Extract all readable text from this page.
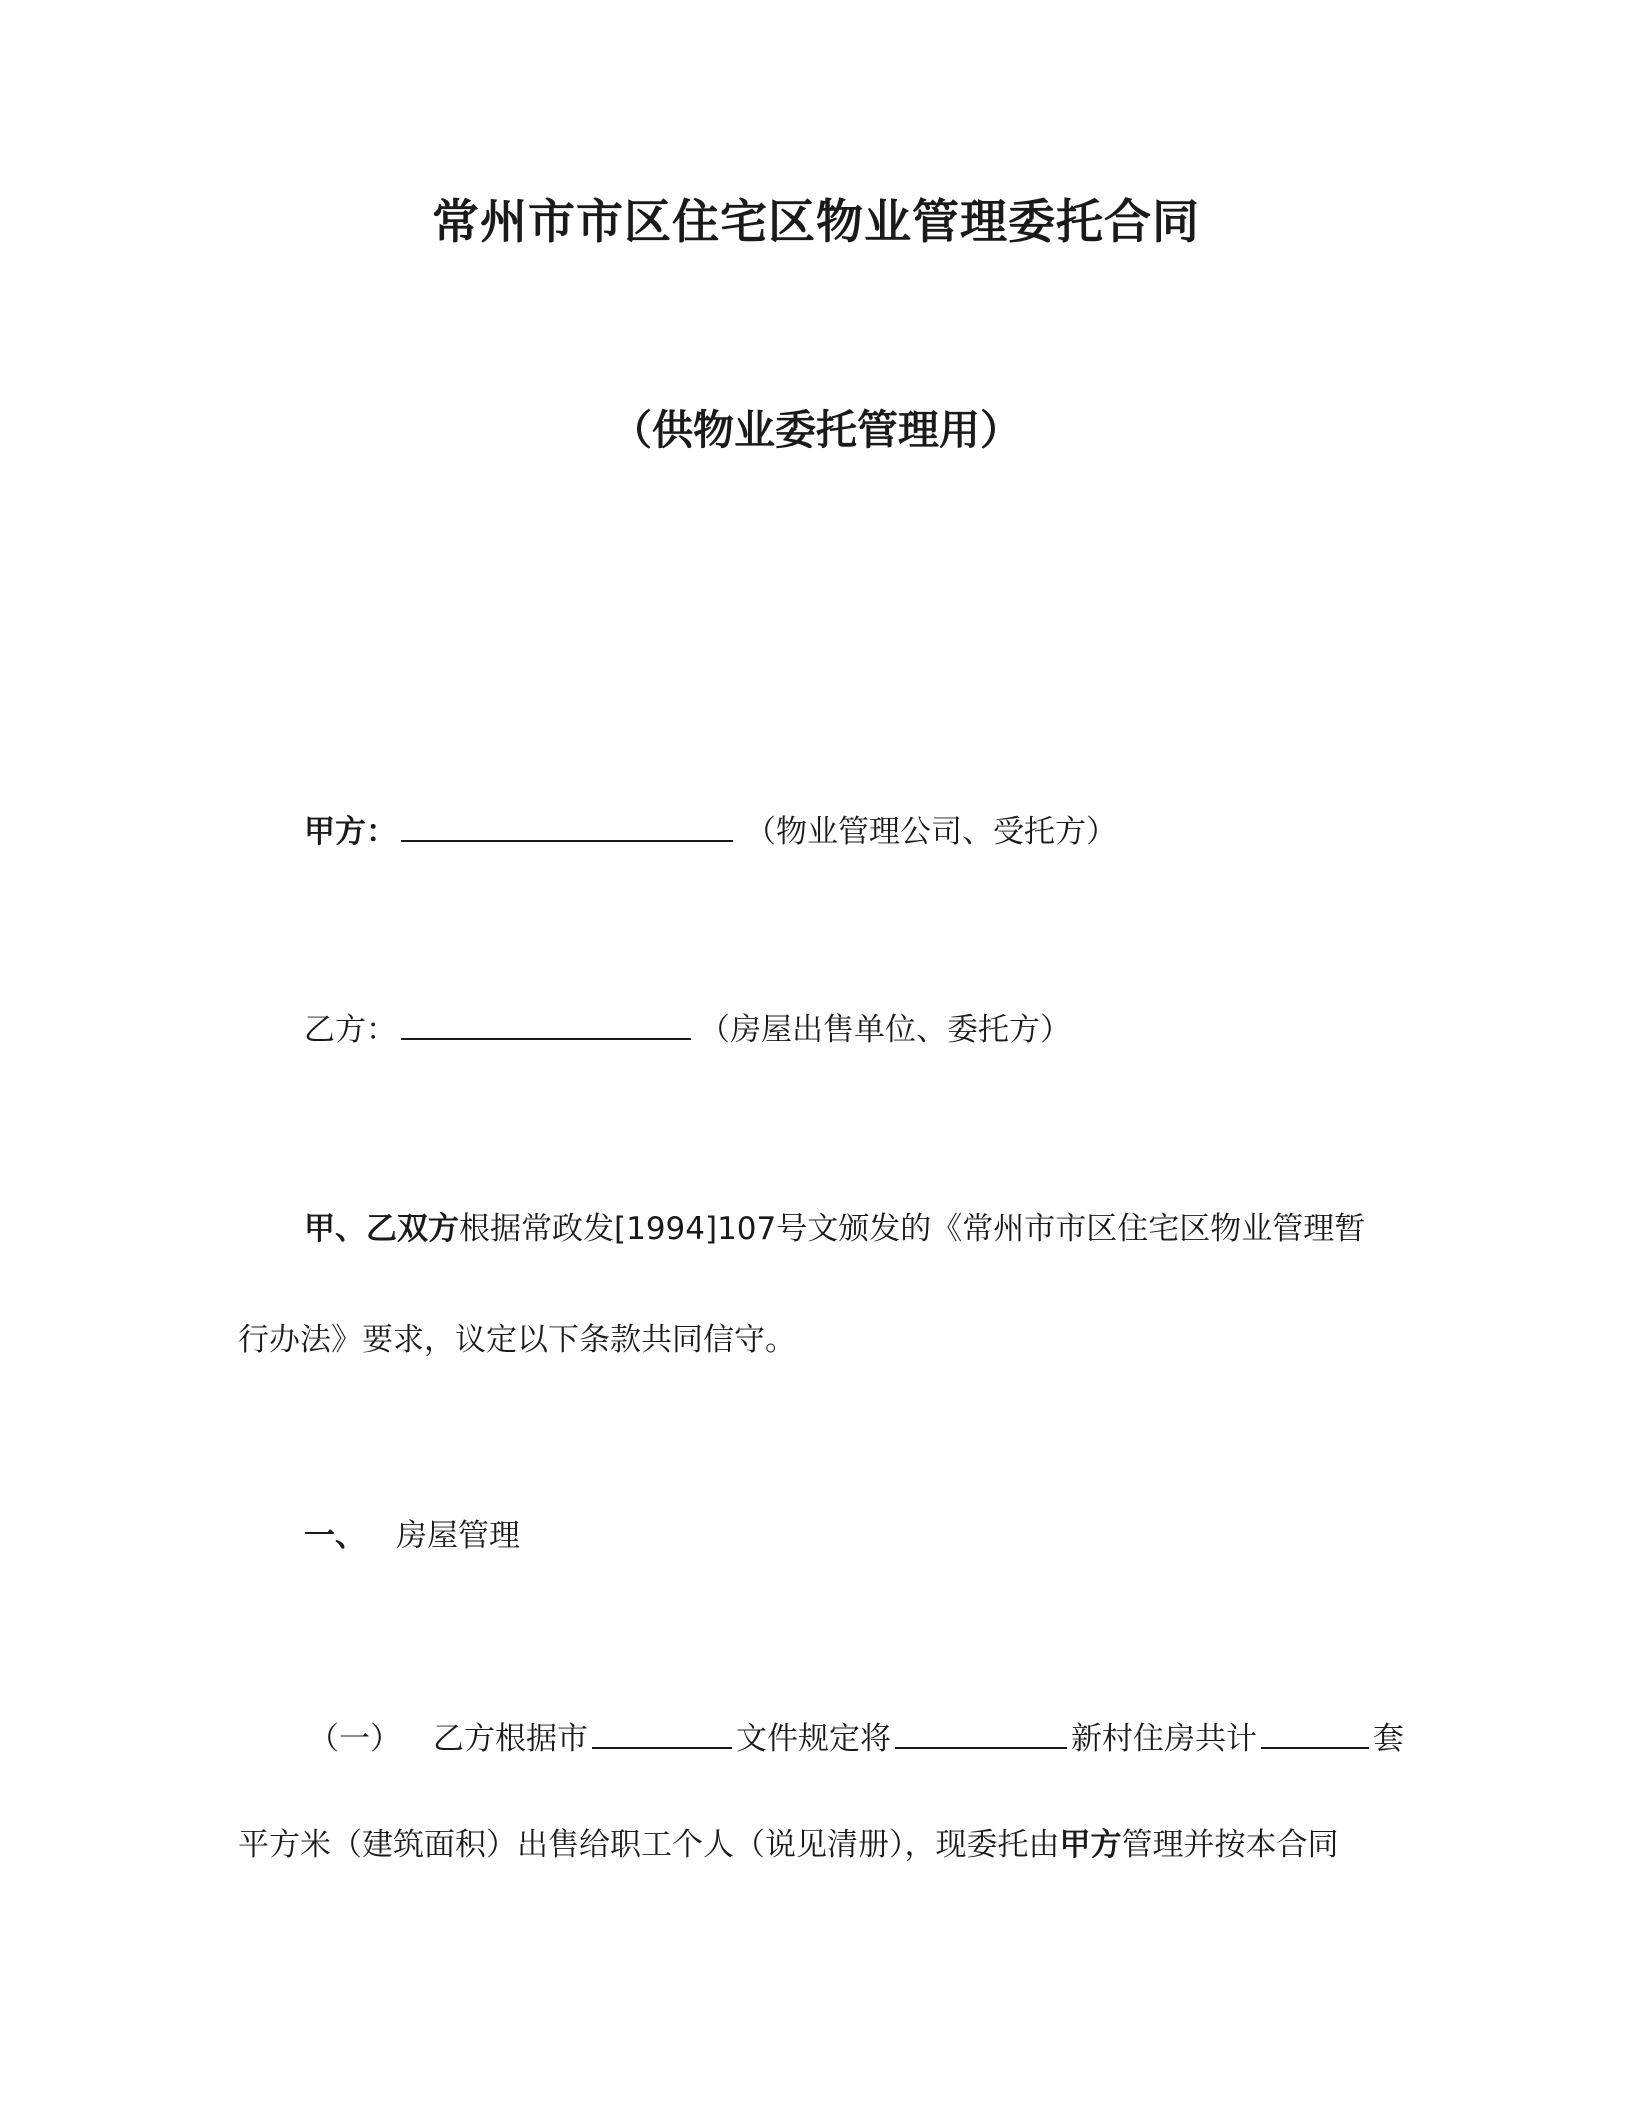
常州市市区住宅区物业管理委托合同
（供物业委托管理用）
甲方：	（物业管理公司、受托方）
乙方：	（房屋出售单位、委托方）
甲、乙双方根据常政发[1994]107号文颁发的《常州市市区住宅区物业管理暂
行办法》要求，议定以下条款共同信守。
一、 房屋管理
（一） 乙方根据市	文件规定将	新村住房共计	套
平方米（建筑面积）出售给职工个人（说见清册），现委托由甲方管理并按本合同
